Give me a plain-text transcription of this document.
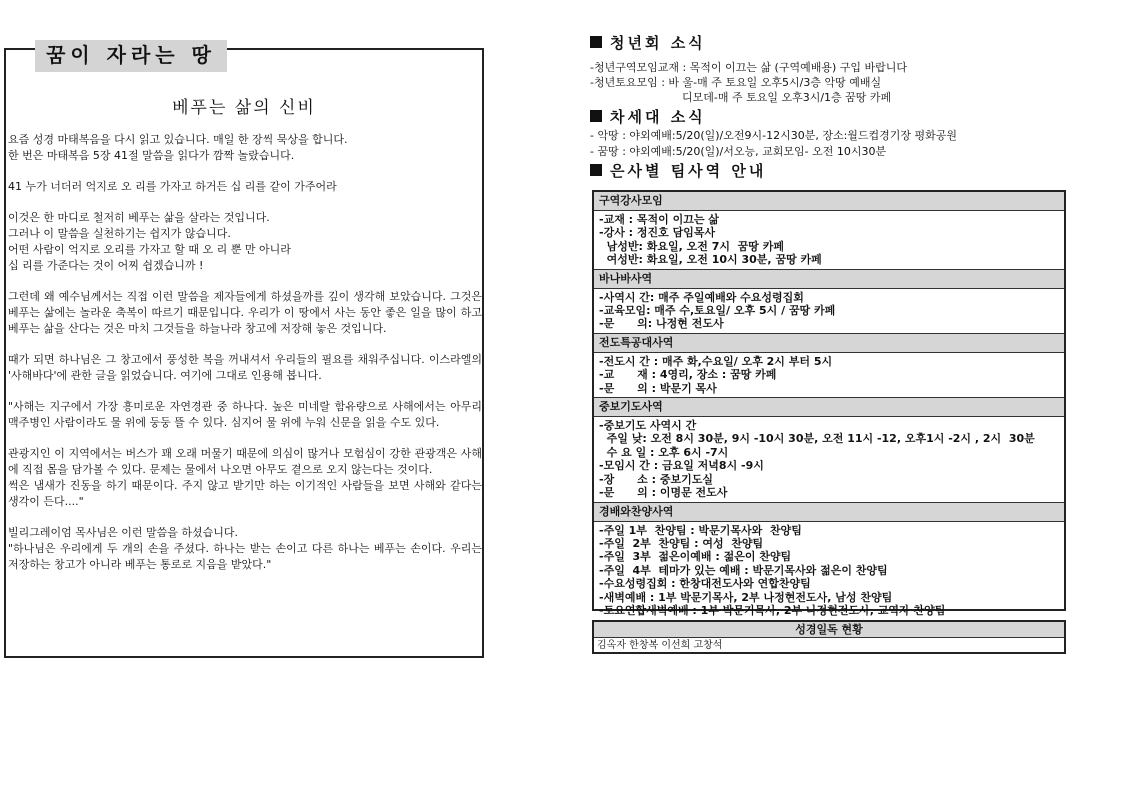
베푸는 삶의 신비

요즘 성경 마태복음을 다시 읽고 있습니다. 매일 한 장씩 묵상을 합니다.
한 번은 마태복음 5장 41절 말씀을 읽다가 깜짝 놀랐습니다.

41 누가 너더러 억지로 오 리를 가자고 하거든 십 리를 같이 가주어라

이것은 한 마디로 철저히 베푸는 삶을 살라는 것입니다.
그러나 이 말씀을 실천하기는 쉽지가 않습니다.
어떤 사람이 억지로 오리를 가자고 할 때 오 리 뿐 만 아니라
십 리를 가준다는 것이 어찌 쉽겠습니까 !

그런데 왜 예수님께서는 직접 이런 말씀을 제자들에게 하셨을까를 깊이 생각해 보았습니다. 그것은 베푸는 삶에는 놀라운 축복이 따르기 때문입니다. 우리가 이 땅에서 사는 동안 좋은 일을 많이 하고 베푸는 삶을 산다는 것은 마치 그것들을 하늘나라 창고에 저장해 놓은 것입니다.

때가 되면 하나님은 그 창고에서 풍성한 복을 꺼내셔서 우리들의 필요를 채워주십니다. 이스라엘의 '사해바다'에 관한 글을 읽었습니다. 여기에 그대로 인용해 봅니다.

"사해는 지구에서 가장 흥미로운 자연경관 중 하나다. 높은 미네랄 함유량으로 사해에서는 아무리 맥주병인 사람이라도 물 위에 둥둥 뜰 수 있다. 심지어 물 위에 누워 신문을 읽을 수도 있다.

관광지인 이 지역에서는 버스가 꽤 오래 머물기 때문에 의심이 많거나 모험심이 강한 관광객은 사해에 직접 몸을 담가볼 수 있다. 문제는 물에서 나오면 아무도 곁으로 오지 않는다는 것이다.
썩은 냄새가 진동을 하기 때문이다. 주지 않고 받기만 하는 이기적인 사람들을 보면 사해와 같다는 생각이 든다...."

빌리그레이엄 목사님은 이런 말씀을 하셨습니다.
"하나님은 우리에게 두 개의 손을 주셨다. 하나는 받는 손이고 다른 하나는 베푸는 손이다. 우리는 저장하는 창고가 아니라 베푸는 통로로 지음을 받았다."

꿈이 자라는 땅	청년회 소식
-청년구역모임교재 : 목적이 이끄는 삶 (구역예배용) 구입 바랍니다
-청년토요모임 : 바 울-매 주 토요일 오후5시/3층 악땅 예배실
디모데-매 주 토요일 오후3시/1층 꿈땅 카페
차세대 소식
- 악땅 : 야외예배:5/20(일)/오전9시-12시30분, 장소:월드컵경기장 평화공원
- 꿈땅 : 야외예배:5/20(일)/서오능, 교회모임- 오전 10시30분
은사별 팀사역 안내
구역강사모임
-교재 : 목적이 이끄는 삶
-강사 : 정진호 담임목사
남성반: 화요일, 오전 7시  꿈땅 카페
여성반: 화요일, 오전 10시 30분, 꿈땅 카페
바나바사역
-사역시 간: 매주 주일예배와 수요성령집회
-교육모임: 매주 수,토요일/ 오후 5시 / 꿈땅 카페
-문      의: 나정현 전도사
전도특공대사역
-전도시 간 : 매주 화,수요일/ 오후 2시 부터 5시
-교      재 : 4영리, 장소 : 꿈땅 카페
-문      의 : 박문기 목사
중보기도사역
-중보기도 사역시 간
주일 낮: 오전 8시 30분, 9시 -10시 30분, 오전 11시 -12, 오후1시 -2시 , 2시  30분
수 요 일 : 오후 6시 -7시
-모임시 간 : 금요일 저녁8시 -9시
-장      소 : 중보기도실
-문      의 : 이명문 전도사
경배와찬양사역
-주일 1부  찬양팀 : 박문기목사와  찬양팀
-주일  2부  찬양팀 : 여성  찬양팀
-주일  3부  젊은이예배 : 젊은이 찬양팀
-주일  4부  테마가 있는 예배 : 박문기목사와 젊은이 찬양팀
-수요성령집회 : 한창대전도사와 연합찬양팀
-새벽예배 : 1부 박문기목사, 2부 나정현전도사, 남성 찬양팀
-토요연합새벽예배 : 1부 박문기목사, 2부 나정현전도사, 교역자 찬양팀
성경일독 현황
김옥자 한창복 이선희 고창석
